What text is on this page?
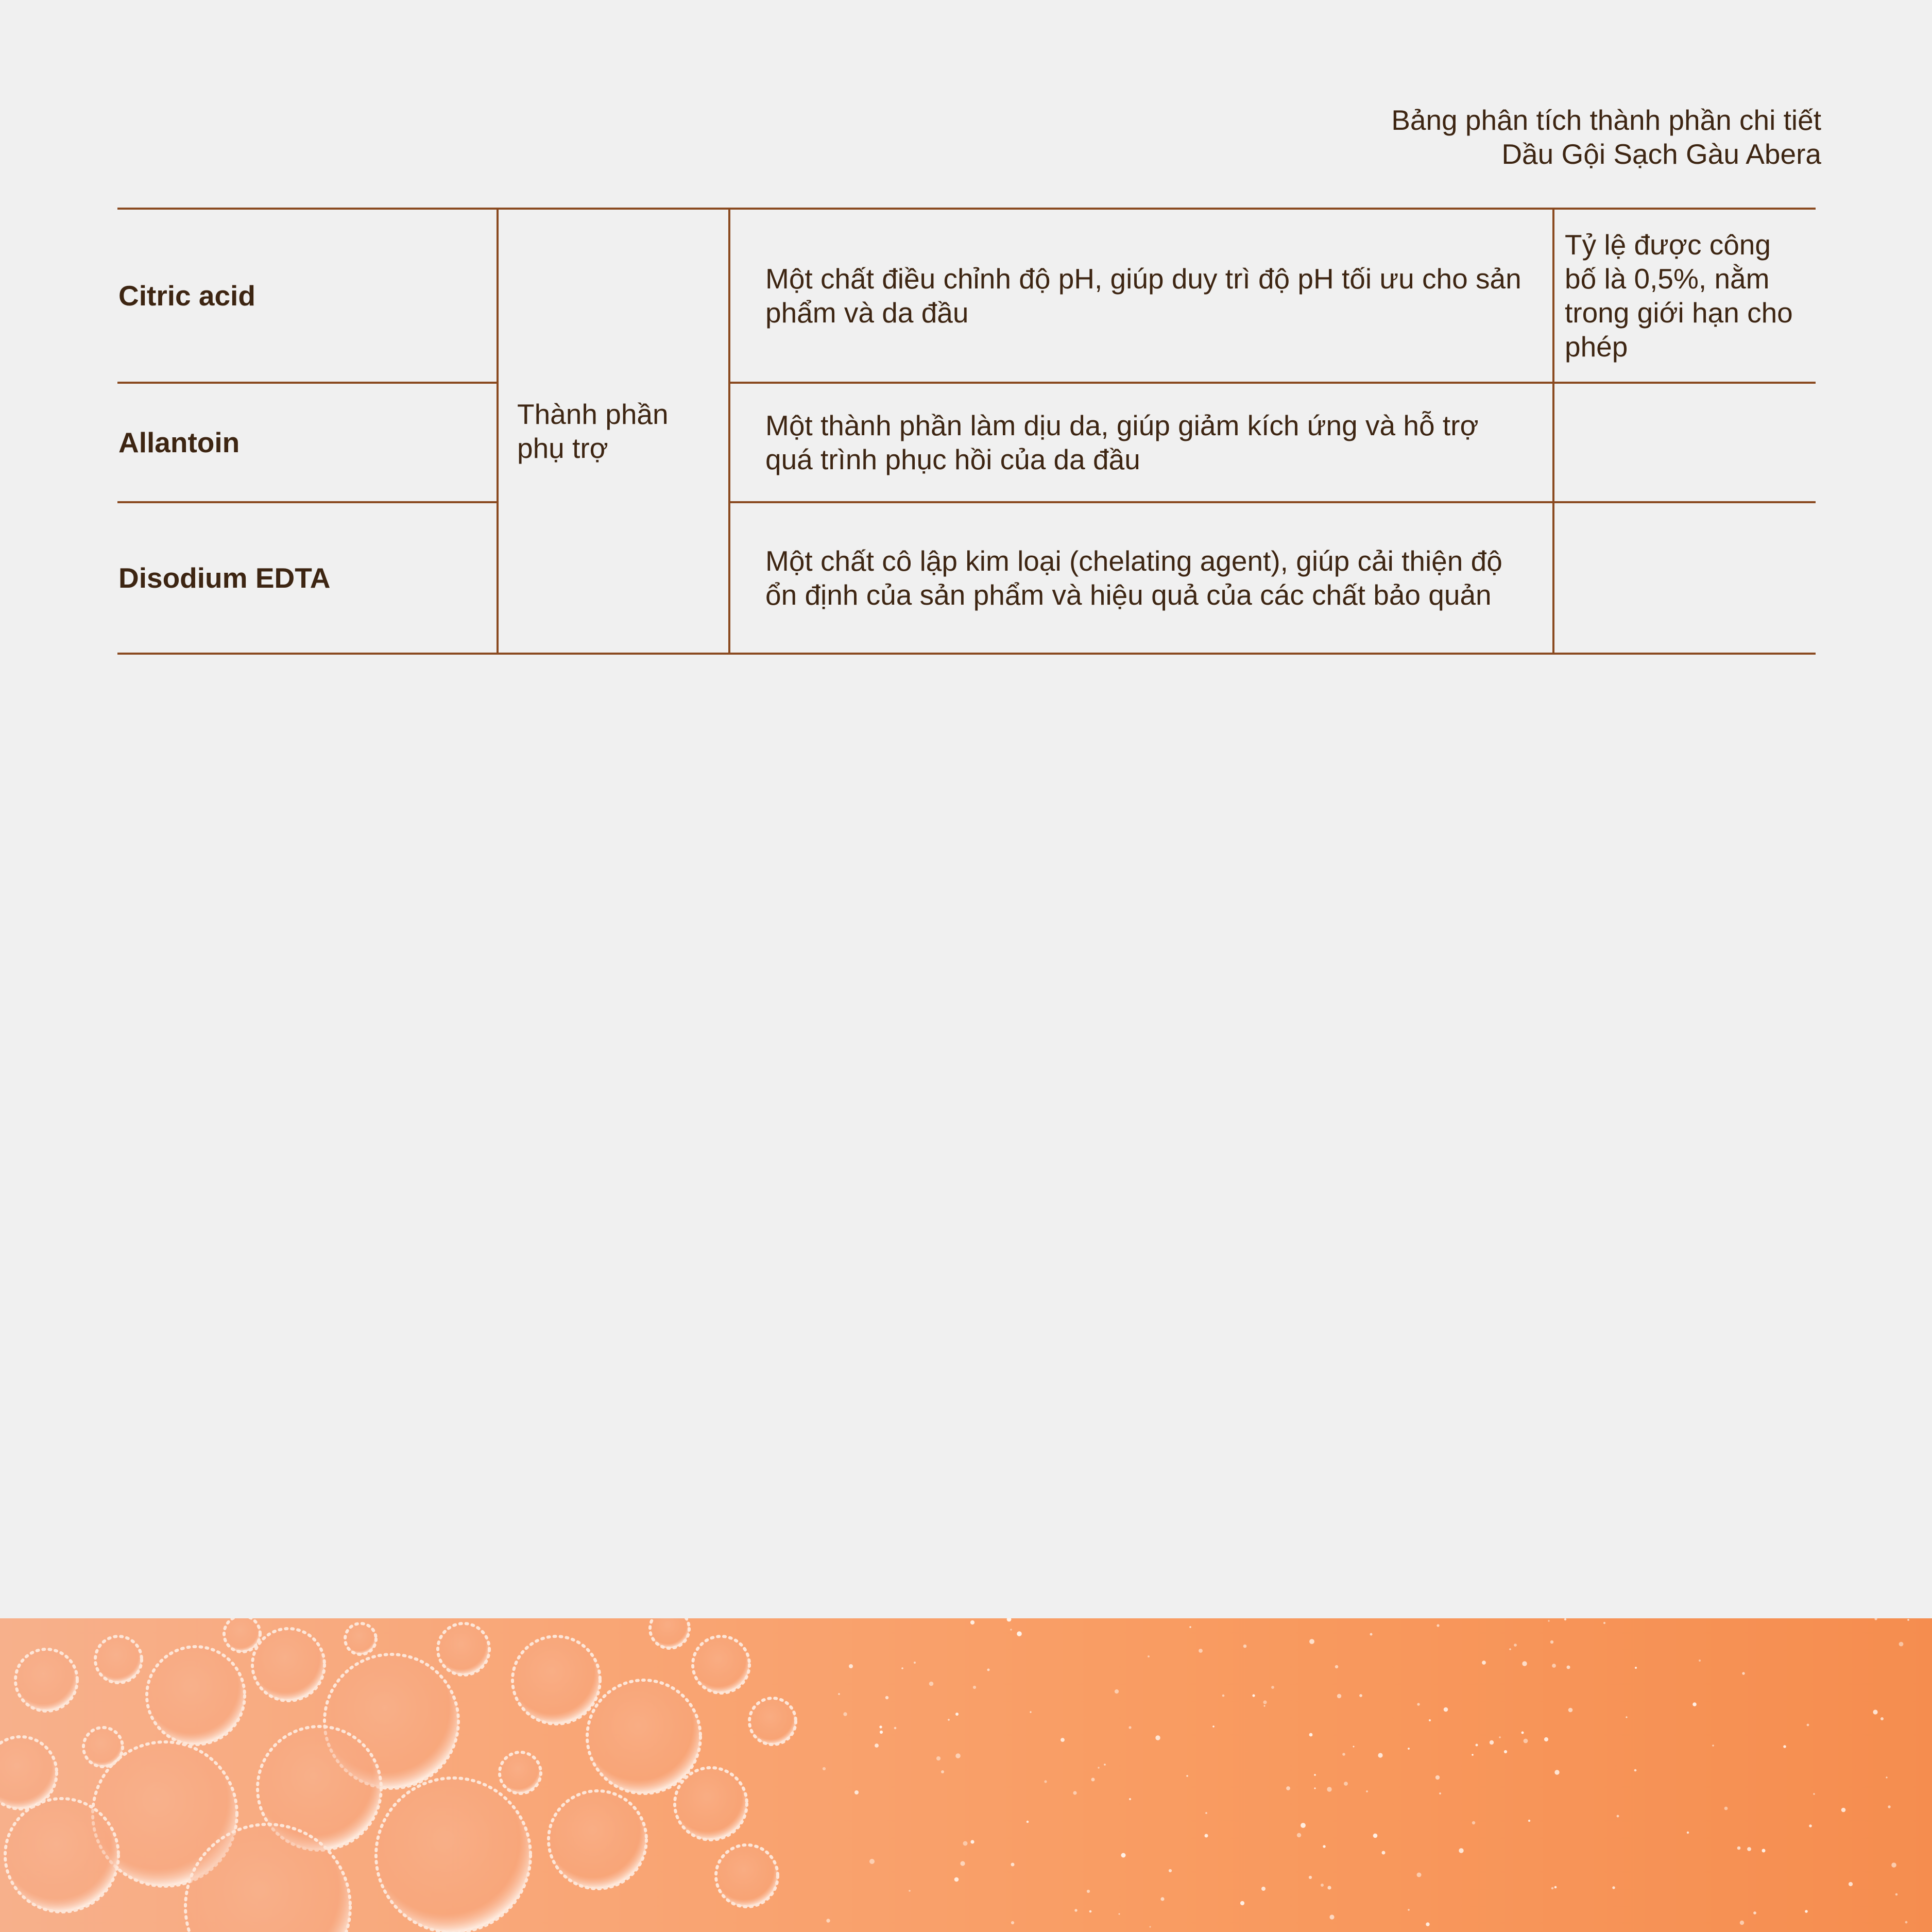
Bảng phân tích thành phần chi tiết
Dầu Gội Sạch Gàu Abera
Citric acid	Thành phần phụ trợ	Một chất điều chỉnh độ pH, giúp duy trì độ pH tối ưu cho sản phẩm và da đầu	Tỷ lệ được công bố là 0,5%, nằm trong giới hạn cho phép
Allantoin		Một thành phần làm dịu da, giúp giảm kích ứng và hỗ trợ quá trình phục hồi của da đầu	
Disodium EDTA		Một chất cô lập kim loại (chelating agent), giúp cải thiện độ ổn định của sản phẩm và hiệu quả của các chất bảo quản	
